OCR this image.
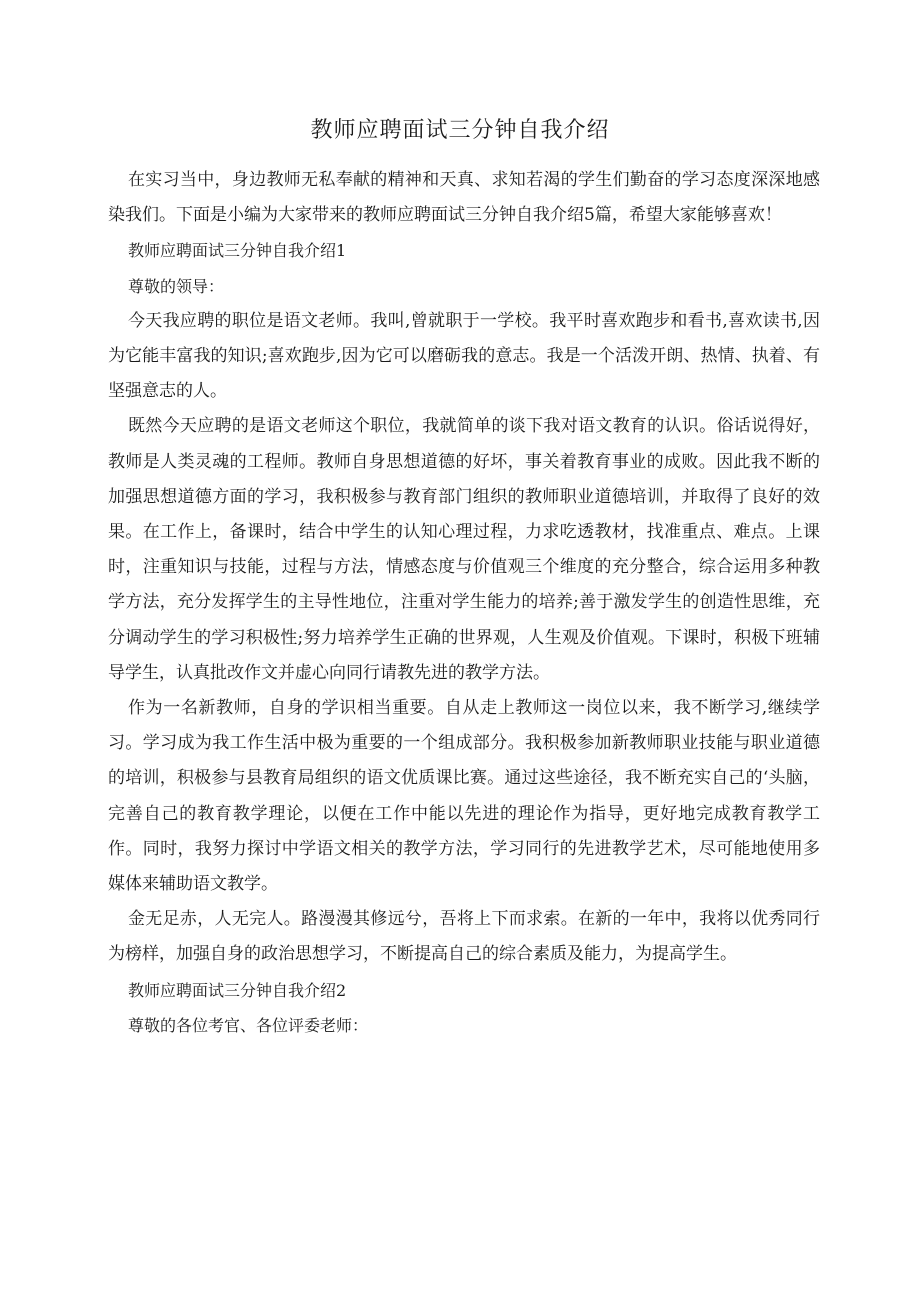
教师应聘面试三分钟自我介绍

在实习当中，身边教师无私奉献的精神和天真、求知若渴的学生们勤奋的学习态度深深地感染我们。下面是小编为大家带来的教师应聘面试三分钟自我介绍5篇，希望大家能够喜欢！

教师应聘面试三分钟自我介绍1

尊敬的领导：

今天我应聘的职位是语文老师。我叫,曾就职于一学校。我平时喜欢跑步和看书,喜欢读书,因为它能丰富我的知识;喜欢跑步,因为它可以磨砺我的意志。我是一个活泼开朗、热情、执着、有坚强意志的人。

既然今天应聘的是语文老师这个职位，我就简单的谈下我对语文教育的认识。俗话说得好，教师是人类灵魂的工程师。教师自身思想道德的好坏，事关着教育事业的成败。因此我不断的加强思想道德方面的学习，我积极参与教育部门组织的教师职业道德培训，并取得了良好的效果。在工作上，备课时，结合中学生的认知心理过程，力求吃透教材，找准重点、难点。上课时，注重知识与技能，过程与方法，情感态度与价值观三个维度的充分整合，综合运用多种教学方法，充分发挥学生的主导性地位，注重对学生能力的培养;善于激发学生的创造性思维，充分调动学生的学习积极性;努力培养学生正确的世界观，人生观及价值观。下课时，积极下班辅导学生，认真批改作文并虚心向同行请教先进的教学方法。

作为一名新教师，自身的学识相当重要。自从走上教师这一岗位以来，我不断学习,继续学习。学习成为我工作生活中极为重要的一个组成部分。我积极参加新教师职业技能与职业道德的培训，积极参与县教育局组织的语文优质课比赛。通过这些途径，我不断充实自己的‘头脑，完善自己的教育教学理论，以便在工作中能以先进的理论作为指导，更好地完成教育教学工作。同时，我努力探讨中学语文相关的教学方法，学习同行的先进教学艺术，尽可能地使用多媒体来辅助语文教学。

金无足赤，人无完人。路漫漫其修远兮，吾将上下而求索。在新的一年中，我将以优秀同行为榜样，加强自身的政治思想学习，不断提高自己的综合素质及能力，为提高学生。

教师应聘面试三分钟自我介绍2

尊敬的各位考官、各位评委老师：
